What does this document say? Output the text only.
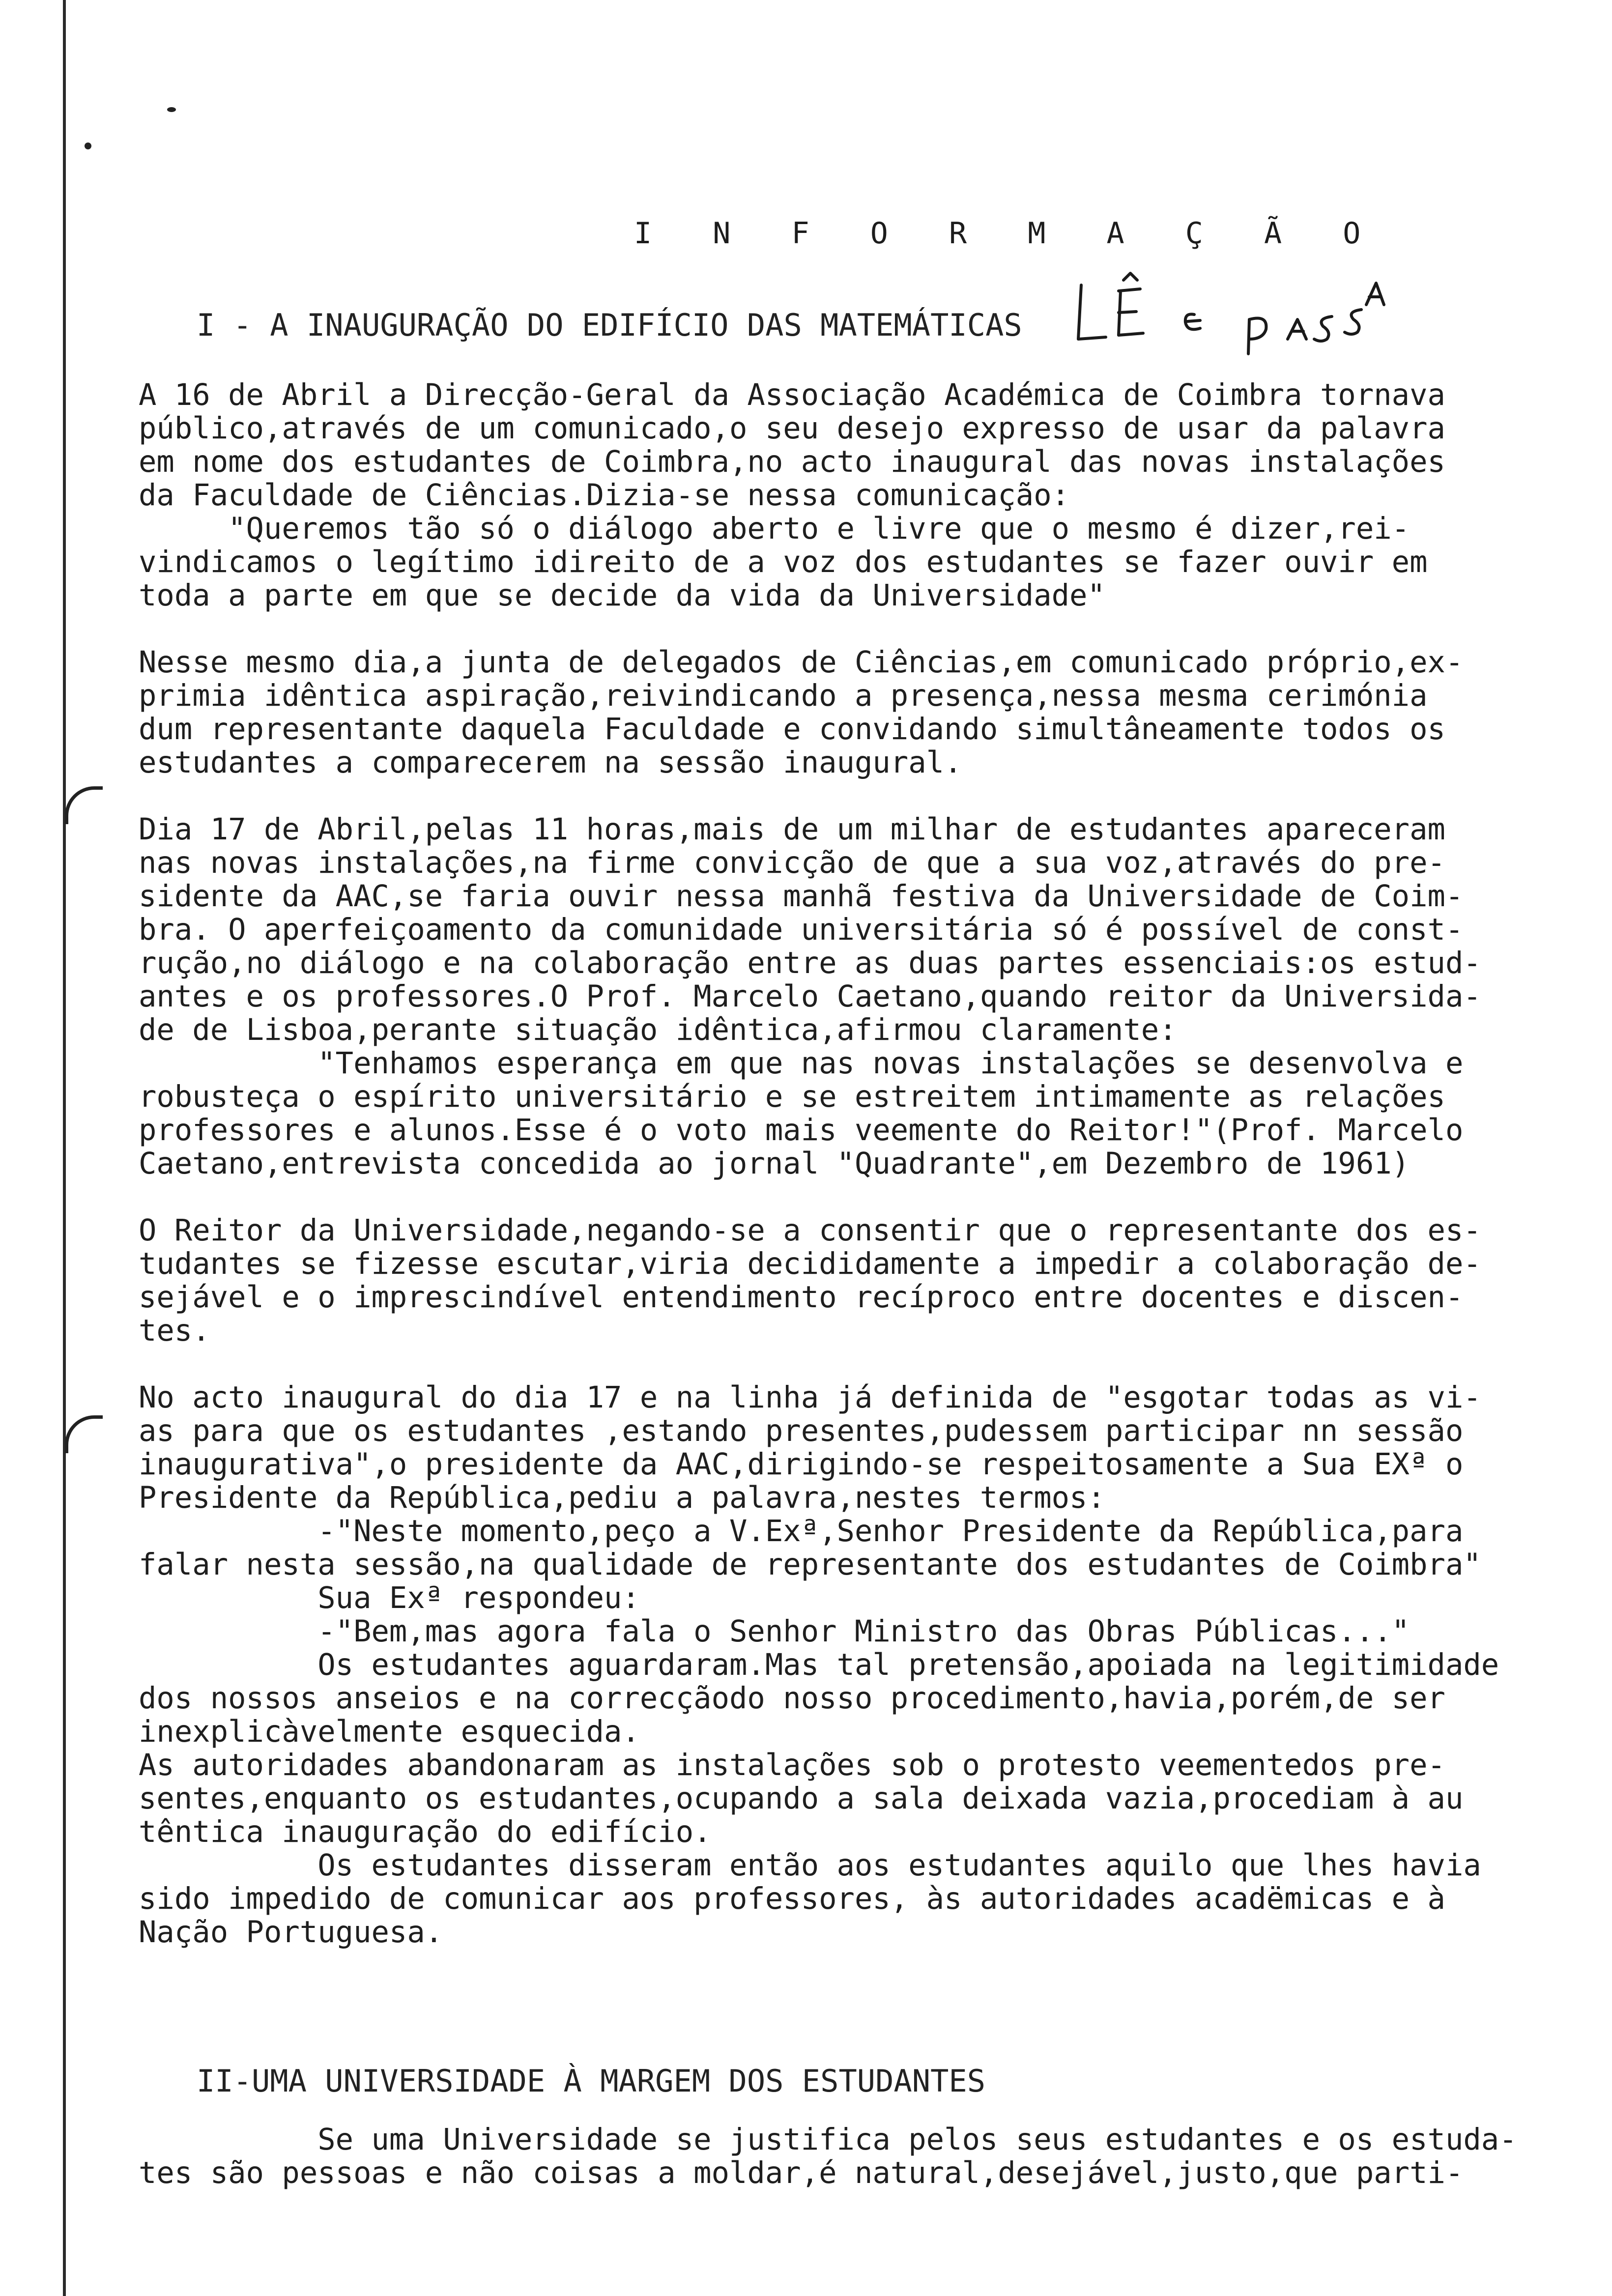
I N F O R M A Ç Ã O
I - A INAUGURAÇÃO DO EDIFÍCIO DAS MATEMÁTICAS

A 16 de Abril a Direcção-Geral da Associação Académica de Coimbra tornava
público,através de um comunicado,o seu desejo expresso de usar da palavra
em nome dos estudantes de Coimbra,no acto inaugural das novas instalações
da Faculdade de Ciências.Dizia-se nessa comunicação:
"Queremos tão só o diálogo aberto e livre que o mesmo é dizer,rei-
vindicamos o legítimo idireito de a voz dos estudantes se fazer ouvir em
toda a parte em que se decide da vida da Universidade"

Nesse mesmo dia,a junta de delegados de Ciências,em comunicado próprio,ex-
primia idêntica aspiração,reivindicando a presença,nessa mesma cerimónia
dum representante daquela Faculdade e convidando simultâneamente todos os
estudantes a comparecerem na sessão inaugural.

Dia 17 de Abril,pelas 11 horas,mais de um milhar de estudantes apareceram
nas novas instalações,na firme convicção de que a sua voz,através do pre-
sidente da AAC,se faria ouvir nessa manhã festiva da Universidade de Coim-
bra. O aperfeiçoamento da comunidade universitária só é possível de const-
rução,no diálogo e na colaboração entre as duas partes essenciais:os estud-
antes e os professores.O Prof. Marcelo Caetano,quando reitor da Universida-
de de Lisboa,perante situação idêntica,afirmou claramente:
"Tenhamos esperança em que nas novas instalações se desenvolva e
robusteça o espírito universitário e se estreitem intimamente as relações
professores e alunos.Esse é o voto mais veemente do Reitor!"(Prof. Marcelo
Caetano,entrevista concedida ao jornal "Quadrante",em Dezembro de 1961)

O Reitor da Universidade,negando-se a consentir que o representante dos es-
tudantes se fizesse escutar,viria decididamente a impedir a colaboração de-
sejável e o imprescindível entendimento recíproco entre docentes e discen-
tes.

No acto inaugural do dia 17 e na linha já definida de "esgotar todas as vi-
as para que os estudantes ,estando presentes,pudessem participar nn sessão
inaugurativa",o presidente da AAC,dirigindo-se respeitosamente a Sua EXª o
Presidente da República,pediu a palavra,nestes termos:
-"Neste momento,peço a V.Exª,Senhor Presidente da República,para
falar nesta sessão,na qualidade de representante dos estudantes de Coimbra"
Sua Exª respondeu:
-"Bem,mas agora fala o Senhor Ministro das Obras Públicas..."
Os estudantes aguardaram.Mas tal pretensão,apoiada na legitimidade
dos nossos anseios e na correcçãodo nosso procedimento,havia,porém,de ser
inexplicàvelmente esquecida.
As autoridades abandonaram as instalações sob o protesto veementedos pre-
sentes,enquanto os estudantes,ocupando a sala deixada vazia,procediam à au
têntica inauguração do edifício.
Os estudantes disseram então aos estudantes aquilo que lhes havia
sido impedido de comunicar aos professores, às autoridades acadëmicas e à
Nação Portuguesa.

II-UMA UNIVERSIDADE À MARGEM DOS ESTUDANTES

Se uma Universidade se justifica pelos seus estudantes e os estuda-
tes são pessoas e não coisas a moldar,é natural,desejável,justo,que parti-
